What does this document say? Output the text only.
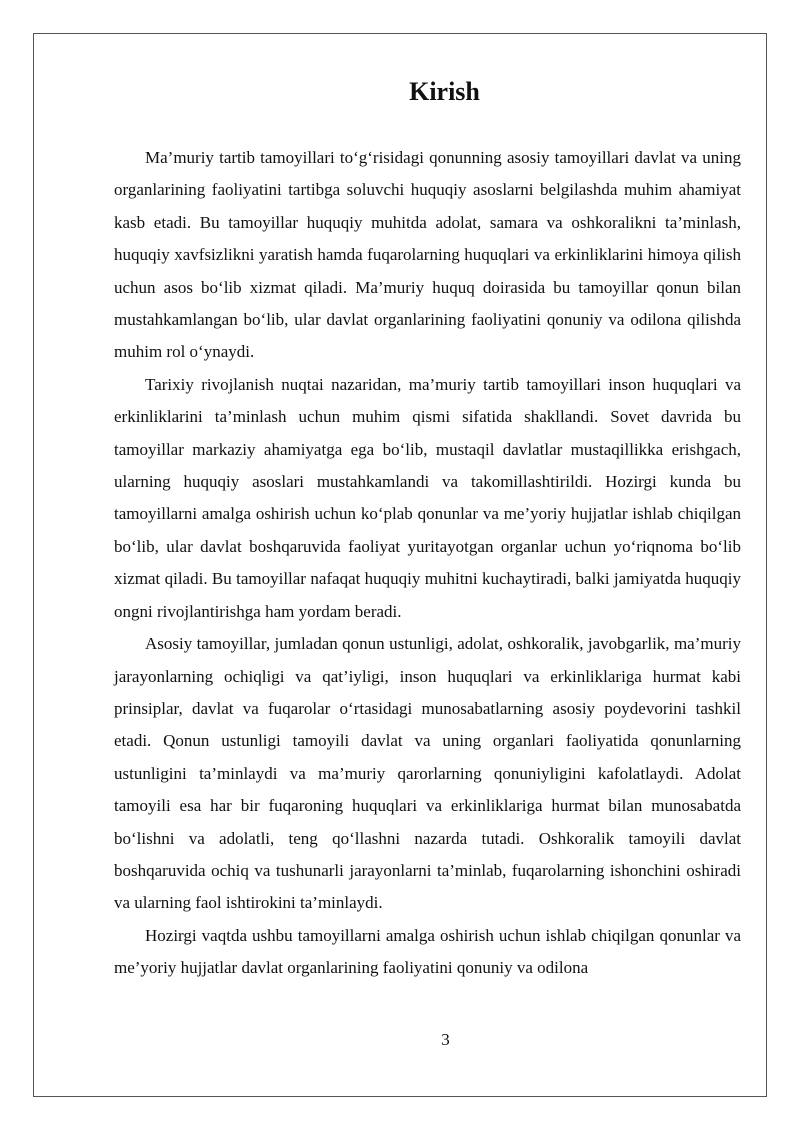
Kirish

Ma’muriy tartib tamoyillari to‘g‘risidagi qonunning asosiy tamoyillari davlat va uning organlarining faoliyatini tartibga soluvchi huquqiy asoslarni belgilashda muhim ahamiyat kasb etadi. Bu tamoyillar huquqiy muhitda adolat, samara va oshkoralikni ta’minlash, huquqiy xavfsizlikni yaratish hamda fuqarolarning huquqlari va erkinliklarini himoya qilish uchun asos bo‘lib xizmat qiladi. Ma’muriy huquq doirasida bu tamoyillar qonun bilan mustahkamlangan bo‘lib, ular davlat organlarining faoliyatini qonuniy va odilona qilishda muhim rol o‘ynaydi.

Tarixiy rivojlanish nuqtai nazaridan, ma’muriy tartib tamoyillari inson huquqlari va erkinliklarini ta’minlash uchun muhim qismi sifatida shakllandi. Sovet davrida bu tamoyillar markaziy ahamiyatga ega bo‘lib, mustaqil davlatlar mustaqillikka erishgach, ularning huquqiy asoslari mustahkamlandi va takomillashtirildi. Hozirgi kunda bu tamoyillarni amalga oshirish uchun ko‘plab qonunlar va me’yoriy hujjatlar ishlab chiqilgan bo‘lib, ular davlat boshqaruvida faoliyat yuritayotgan organlar uchun yo‘riqnoma bo‘lib xizmat qiladi. Bu tamoyillar nafaqat huquqiy muhitni kuchaytiradi, balki jamiyatda huquqiy ongni rivojlantirishga ham yordam beradi.

Asosiy tamoyillar, jumladan qonun ustunligi, adolat, oshkoralik, javobgarlik, ma’muriy jarayonlarning ochiqligi va qat’iyligi, inson huquqlari va erkinliklariga hurmat kabi prinsiplar, davlat va fuqarolar o‘rtasidagi munosabatlarning asosiy poydevorini tashkil etadi. Qonun ustunligi tamoyili davlat va uning organlari faoliyatida qonunlarning ustunligini ta’minlaydi va ma’muriy qarorlarning qonuniyligini kafolatlaydi. Adolat tamoyili esa har bir fuqaroning huquqlari va erkinliklariga hurmat bilan munosabatda bo‘lishni va adolatli, teng qo‘llashni nazarda tutadi. Oshkoralik tamoyili davlat boshqaruvida ochiq va tushunarli jarayonlarni ta’minlab, fuqarolarning ishonchini oshiradi va ularning faol ishtirokini ta’minlaydi.

Hozirgi vaqtda ushbu tamoyillarni amalga oshirish uchun ishlab chiqilgan qonunlar va me’yoriy hujjatlar davlat organlarining faoliyatini qonuniy va odilona

3
